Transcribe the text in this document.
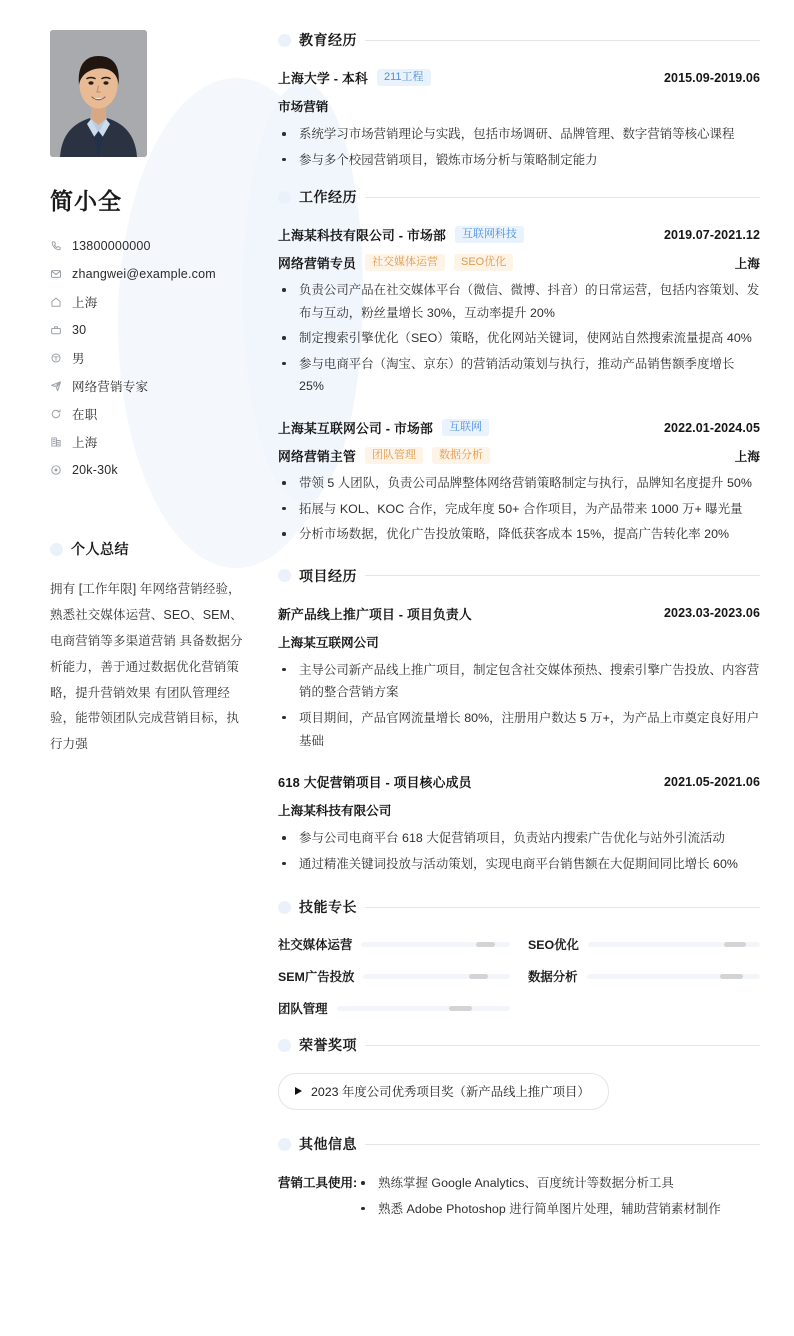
简小全
13800000000
zhangwei@example.com
上海
30
男
网络营销专家
在职
上海
20k-30k
个人总结
拥有 [工作年限] 年网络营销经验，熟悉社交媒体运营、SEO、SEM、电商营销等多渠道营销 具备数据分析能力，善于通过数据优化营销策略，提升营销效果 有团队管理经验，能带领团队完成营销目标，执行力强
教育经历
上海大学 - 本科	211工程	2015.09-2019.06
市场营销
系统学习市场营销理论与实践，包括市场调研、品牌管理、数字营销等核心课程
参与多个校园营销项目，锻炼市场分析与策略制定能力
工作经历
上海某科技有限公司 - 市场部	互联网科技	2019.07-2021.12
网络营销专员	社交媒体运营	SEO优化	上海
负责公司产品在社交媒体平台（微信、微博、抖音）的日常运营，包括内容策划、发布与互动，粉丝量增长 30%，互动率提升 20%
制定搜索引擎优化（SEO）策略，优化网站关键词，使网站自然搜索流量提高 40%
参与电商平台（淘宝、京东）的营销活动策划与执行，推动产品销售额季度增长 25%
上海某互联网公司 - 市场部	互联网	2022.01-2024.05
网络营销主管	团队管理	数据分析	上海
带领 5 人团队，负责公司品牌整体网络营销策略制定与执行，品牌知名度提升 50%
拓展与 KOL、KOC 合作，完成年度 50+ 合作项目，为产品带来 1000 万+ 曝光量
分析市场数据，优化广告投放策略，降低获客成本 15%，提高广告转化率 20%
项目经历
新产品线上推广项目 - 项目负责人	2023.03-2023.06
上海某互联网公司
主导公司新产品线上推广项目，制定包含社交媒体预热、搜索引擎广告投放、内容营销的整合营销方案
项目期间，产品官网流量增长 80%，注册用户数达 5 万+，为产品上市奠定良好用户基础
618 大促营销项目 - 项目核心成员	2021.05-2021.06
上海某科技有限公司
参与公司电商平台 618 大促营销项目，负责站内搜索广告优化与站外引流活动
通过精准关键词投放与活动策划，实现电商平台销售额在大促期间同比增长 60%
技能专长
社交媒体运营	SEO优化
SEM广告投放	数据分析
团队管理
荣誉奖项
2023 年度公司优秀项目奖（新产品线上推广项目）
其他信息
营销工具使用:	熟练掌握 Google Analytics、百度统计等数据分析工具
熟悉 Adobe Photoshop 进行简单图片处理，辅助营销素材制作
